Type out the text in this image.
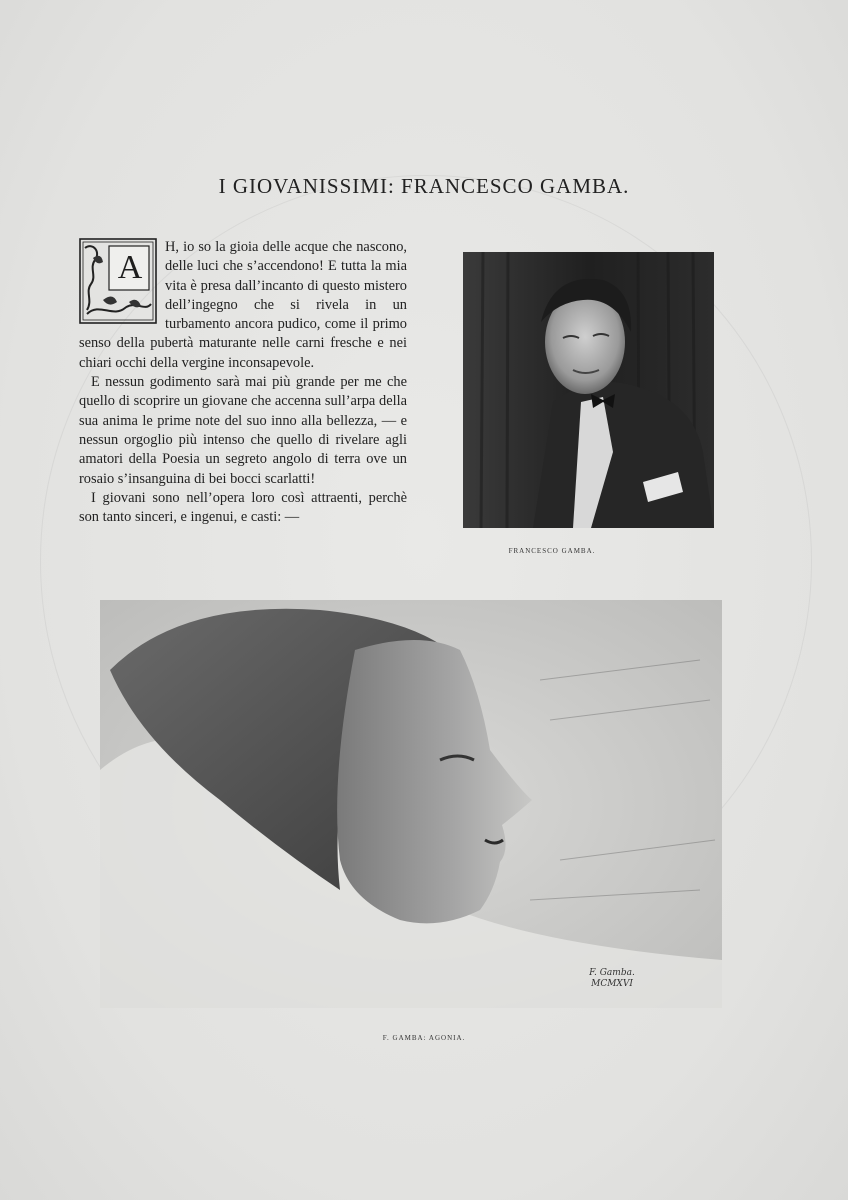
I GIOVANISSIMI: FRANCESCO GAMBA.
A

H, io so la gioia delle acque che nascono, delle luci che s’accendono! E tutta la mia vita è presa dall’incanto di questo mistero dell’ingegno che si rivela in un turbamento ancora pudico, come il primo senso della pubertà maturante nelle carni fresche e nei chiari occhi della vergine inconsapevole.

E nessun godimento sarà mai più grande per me che quello di scoprire un giovane che accenna sull’arpa della sua anima le prime note del suo inno alla bellezza, — e nessun orgoglio più intenso che quello di rivelare agli amatori della Poesia un segreto angolo di terra ove un rosaio s’insanguina di bei bocci scarlatti!

I giovani sono nell’opera loro così attraenti, perchè son tanto sinceri, e ingenui, e casti: —

FRANCESCO GAMBA.
F. Gamba.
MCMXVI
F. GAMBA: AGONIA.
